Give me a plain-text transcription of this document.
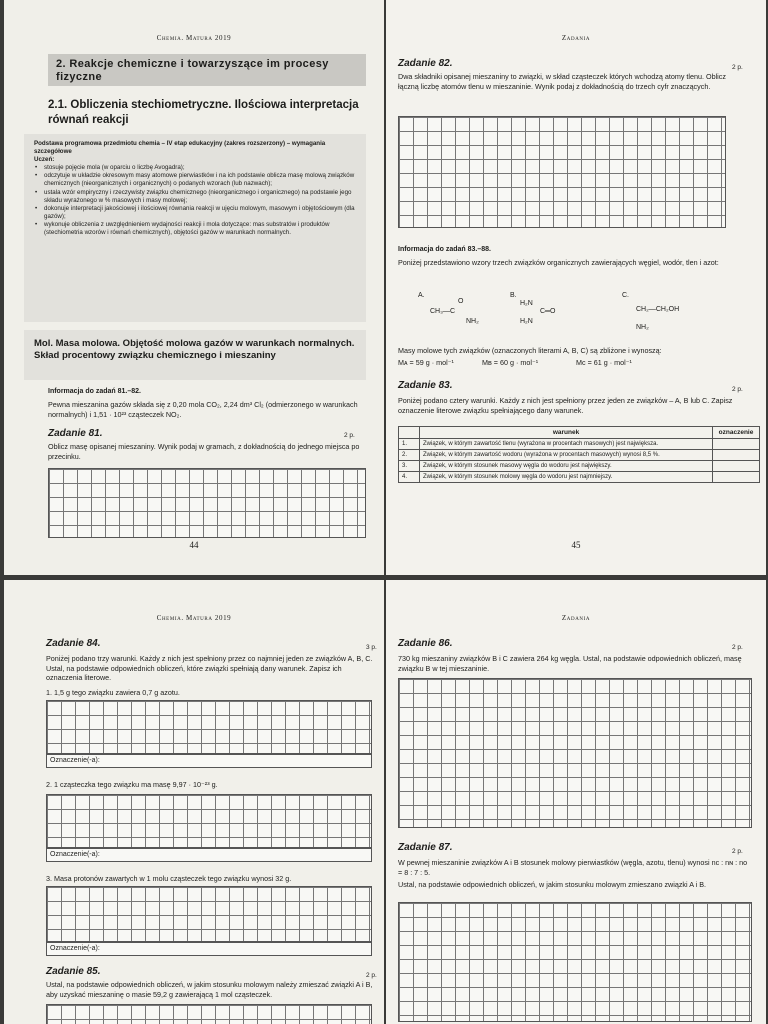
Chemia. Matura 2019
2. Reakcje chemiczne i towarzyszące im procesy fizyczne
2.1. Obliczenia stechiometryczne. Ilościowa interpretacja równań reakcji
Podstawa programowa przedmiotu chemia – IV etap edukacyjny (zakres rozszerzony) – wymagania szczegółowe
Uczeń:
• stosuje pojęcie mola (w oparciu o liczbę Avogadra);
• odczytuje w układzie okresowym masy atomowe pierwiastków i na ich podstawie oblicza masę molową związków chemicznych (nieorganicznych i organicznych) o podanych wzorach (lub nazwach);
• ustala wzór empiryczny i rzeczywisty związku chemicznego (nieorganicznego i organicznego) na podstawie jego składu wyrażonego w % masowych i masy molowej;
• dokonuje interpretacji jakościowej i ilościowej równania reakcji w ujęciu molowym, masowym i objętościowym (dla gazów);
• wykonuje obliczenia z uwzględnieniem wydajności reakcji i mola dotyczące: mas substratów i produktów (stechiometria wzorów i równań chemicznych), objętości gazów w warunkach normalnych.
Mol. Masa molowa. Objętość molowa gazów w warunkach normalnych. Skład procentowy związku chemicznego i mieszaniny
Informacja do zadań 81.–82.
Pewna mieszanina gazów składa się z 0,20 mola CO₂, 2,24 dm³ Cl₂ (odmierzonego w warunkach normalnych) i 1,51 · 10²³ cząsteczek NO₂.
Zadanie 81.	2 p.
Oblicz masę opisanej mieszaniny. Wynik podaj w gramach, z dokładnością do jednego miejsca po przecinku.
44
Zadania
Zadanie 82.	2 p.
Dwa składniki opisanej mieszaniny to związki, w skład cząsteczek których wchodzą atomy tlenu. Oblicz łączną liczbę atomów tlenu w mieszaninie. Wynik podaj z dokładnością do trzech cyfr znaczących.
Informacja do zadań 83.–88.
Poniżej przedstawiono wzory trzech związków organicznych zawierających węgiel, wodór, tlen i azot:
A.
O
CH₃—C
NH₂
B.
H₂N
C═O
H₂N
C.
CH₂—CH₂OH
NH₂
Masy molowe tych związków (oznaczonych literami A, B, C) są zbliżone i wynoszą:
Mᴀ = 59 g · mol⁻¹	Mʙ = 60 g · mol⁻¹	Mᴄ = 61 g · mol⁻¹
Zadanie 83.	2 p.
Poniżej podano cztery warunki. Każdy z nich jest spełniony przez jeden ze związków – A, B lub C. Zapisz oznaczenie literowe związku spełniającego dany warunek.
	warunek	oznaczenie
1.	Związek, w którym zawartość tlenu (wyrażona w procentach masowych) jest największa.	
2.	Związek, w którym zawartość wodoru (wyrażona w procentach masowych) wynosi 8,5 %.	
3.	Związek, w którym stosunek masowy węgla do wodoru jest największy.	
4.	Związek, w którym stosunek molowy węgla do wodoru jest najmniejszy.	
45
Chemia. Matura 2019
Zadanie 84.	3 p.
Poniżej podano trzy warunki. Każdy z nich jest spełniony przez co najmniej jeden ze związków A, B, C. Ustal, na podstawie odpowiednich obliczeń, które związki spełniają dany warunek. Zapisz ich oznaczenia literowe.
1. 1,5 g tego związku zawiera 0,7 g azotu.
Oznaczenie(-a):
2. 1 cząsteczka tego związku ma masę 9,97 · 10⁻²³ g.
Oznaczenie(-a):
3. Masa protonów zawartych w 1 molu cząsteczek tego związku wynosi 32 g.
Oznaczenie(-a):
Zadanie 85.	2 p.
Ustal, na podstawie odpowiednich obliczeń, w jakim stosunku molowym należy zmieszać związki A i B, aby uzyskać mieszaninę o masie 59,2 g zawierającą 1 mol cząsteczek.
Zadania
Zadanie 86.	2 p.
730 kg mieszaniny związków B i C zawiera 264 kg węgla. Ustal, na podstawie odpowiednich obliczeń, masę związku B w tej mieszaninie.
Zadanie 87.	2 p.
W pewnej mieszaninie związków A i B stosunek molowy pierwiastków (węgla, azotu, tlenu) wynosi nᴄ : nɴ : nᴏ = 8 : 7 : 5.
Ustal, na podstawie odpowiednich obliczeń, w jakim stosunku molowym zmieszano związki A i B.
